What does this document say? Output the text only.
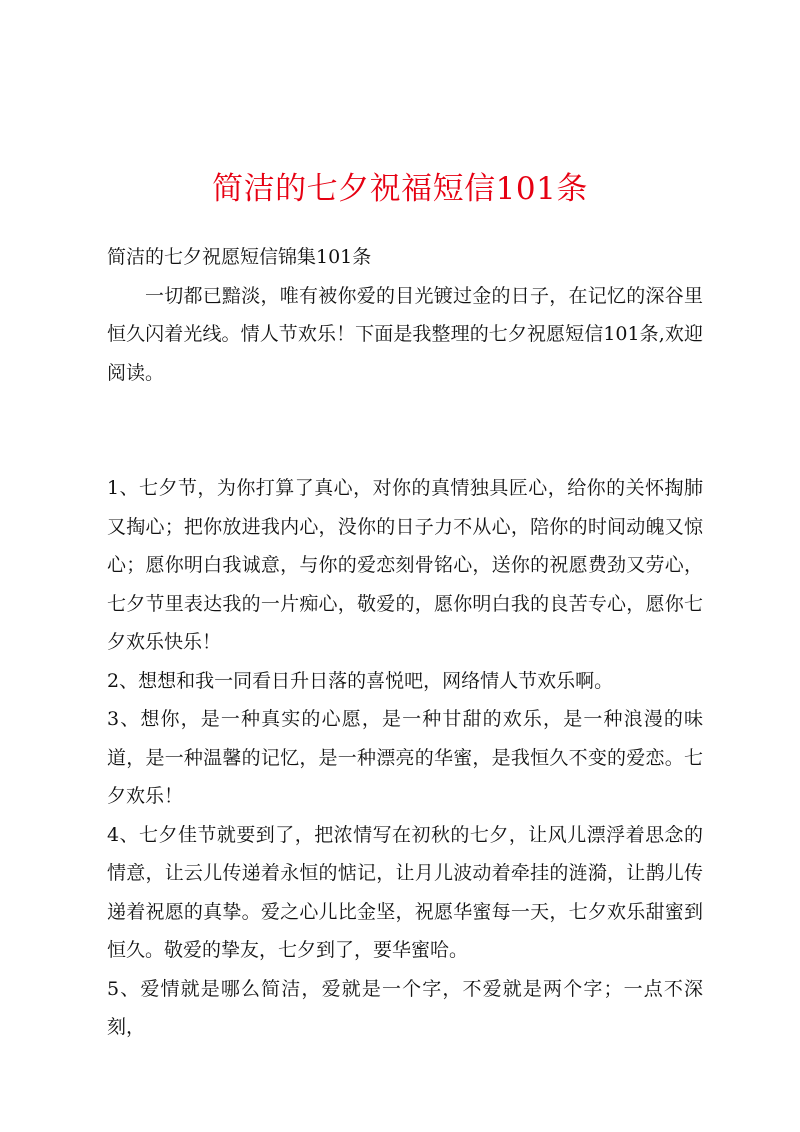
简洁的七夕祝福短信101条

简洁的七夕祝愿短信锦集101条

一切都已黯淡，唯有被你爱的目光镀过金的日子，在记忆的深谷里恒久闪着光线。情人节欢乐！下面是我整理的七夕祝愿短信101条,欢迎阅读。

1、七夕节，为你打算了真心，对你的真情独具匠心，给你的关怀掏肺又掏心；把你放进我内心，没你的日子力不从心，陪你的时间动魄又惊心；愿你明白我诚意，与你的爱恋刻骨铭心，送你的祝愿费劲又劳心，七夕节里表达我的一片痴心，敬爱的，愿你明白我的良苦专心，愿你七夕欢乐快乐！

2、想想和我一同看日升日落的喜悦吧，网络情人节欢乐啊。

3、想你，是一种真实的心愿，是一种甘甜的欢乐，是一种浪漫的味道，是一种温馨的记忆，是一种漂亮的华蜜，是我恒久不变的爱恋。七夕欢乐！

4、七夕佳节就要到了，把浓情写在初秋的七夕，让风儿漂浮着思念的情意，让云儿传递着永恒的惦记，让月儿波动着牵挂的涟漪，让鹊儿传递着祝愿的真挚。爱之心儿比金坚，祝愿华蜜每一天，七夕欢乐甜蜜到恒久。敬爱的挚友，七夕到了，要华蜜哈。

5、爱情就是哪么简洁，爱就是一个字，不爱就是两个字；一点不深刻，
